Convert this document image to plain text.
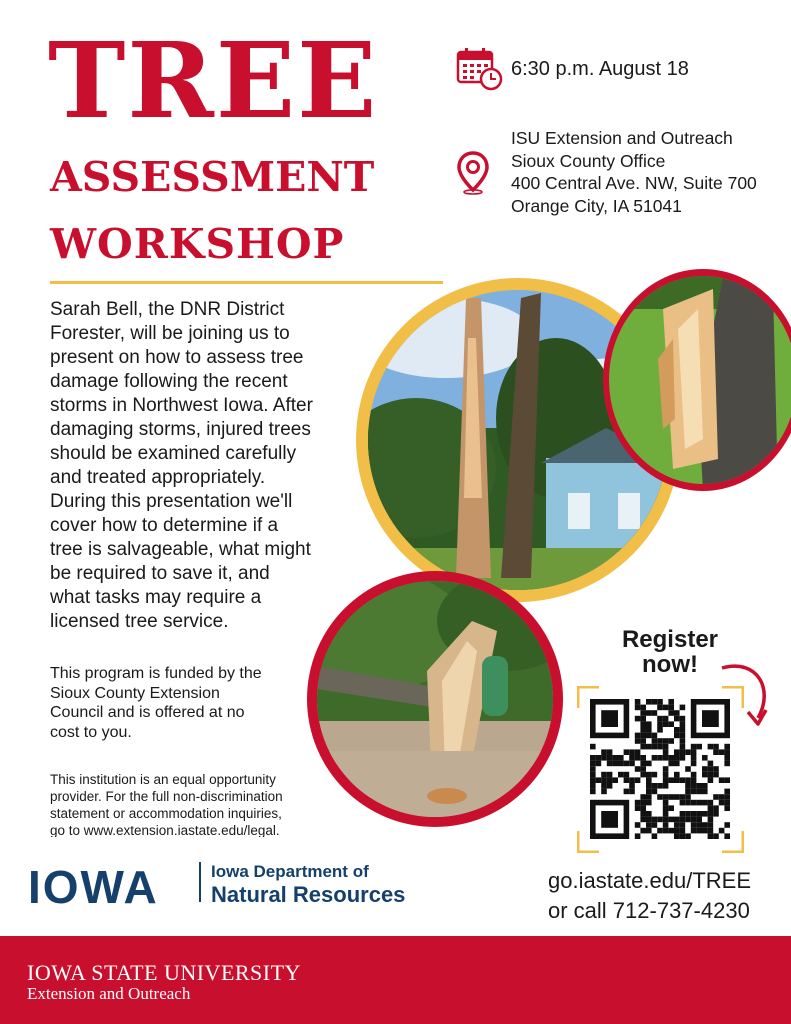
TREE
ASSESSMENT
WORKSHOP
6:30 p.m. August 18
ISU Extension and Outreach
Sioux County Office
400 Central Ave. NW, Suite 700
Orange City, IA 51041
Sarah Bell, the DNR District
Forester, will be joining us to
present on how to assess tree
damage following the recent
storms in Northwest Iowa. After
damaging storms, injured trees
should be examined carefully
and treated appropriately.
During this presentation we'll
cover how to determine if a
tree is salvageable, what might
be required to save it, and
what tasks may require a
licensed tree service.
This program is funded by the
Sioux County Extension
Council and is offered at no
cost to you.
This institution is an equal opportunity
provider. For the full non-discrimination
statement or accommodation inquiries,
go to www.extension.iastate.edu/legal.
Register
now!
go.iastate.edu/TREE
or call 712-737-4230
IOWA	Iowa Department of
Natural Resources
IOWA STATE UNIVERSITY
Extension and Outreach
